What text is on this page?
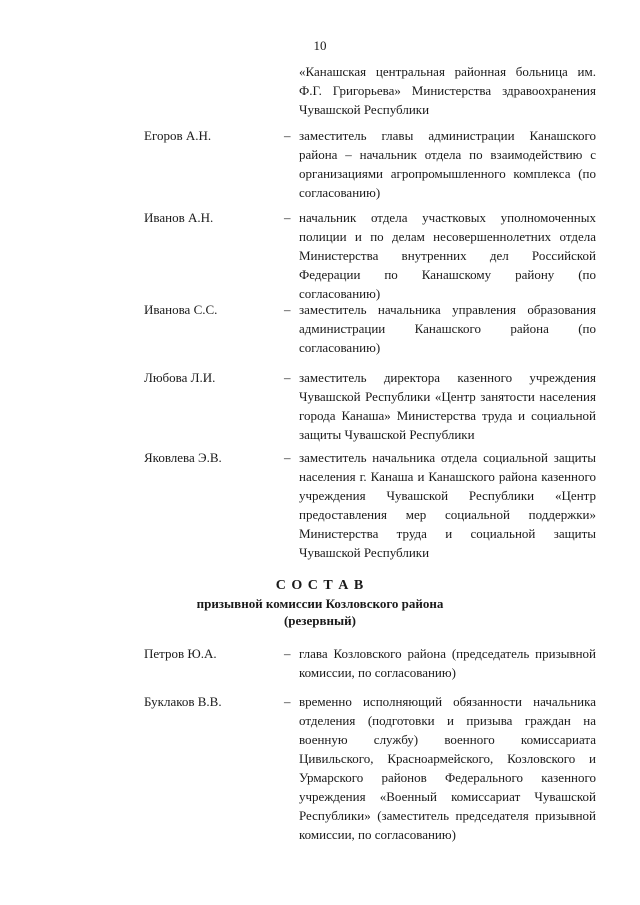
10
«Канашская центральная районная больница им. Ф.Г. Григорьева» Министерства здравоохранения Чувашской Республики
Егоров А.Н.	– заместитель главы администрации Канашского района – начальник отдела по взаимодействию с организациями агропромышленного комплекса (по согласованию)
Иванов А.Н.	– начальник отдела участковых уполномоченных полиции и по делам несовершеннолетних отдела Министерства внутренних дел Российской Федерации по Канашскому району (по согласованию)
Иванова С.С.	– заместитель начальника управления образования администрации Канашского района (по согласованию)
Любова Л.И.	– заместитель директора казенного учреждения Чувашской Республики «Центр занятости населения города Канаша» Министерства труда и социальной защиты Чувашской Республики
Яковлева Э.В.	– заместитель начальника отдела социальной защиты населения г. Канаша и Канашского района казенного учреждения Чувашской Республики «Центр предоставления мер социальной поддержки» Министерства труда и социальной защиты Чувашской Республики
С О С Т А В
призывной комиссии Козловского района
(резервный)
Петров Ю.А.	– глава Козловского района (председатель призывной комиссии, по согласованию)
Буклаков В.В.	– временно исполняющий обязанности начальника отделения (подготовки и призыва граждан на военную службу) военного комиссариата Цивильского, Красноармейского, Козловского и Урмарского районов Федерального казенного учреждения «Военный комиссариат Чувашской Республики» (заместитель председателя призывной комиссии, по согласованию)
